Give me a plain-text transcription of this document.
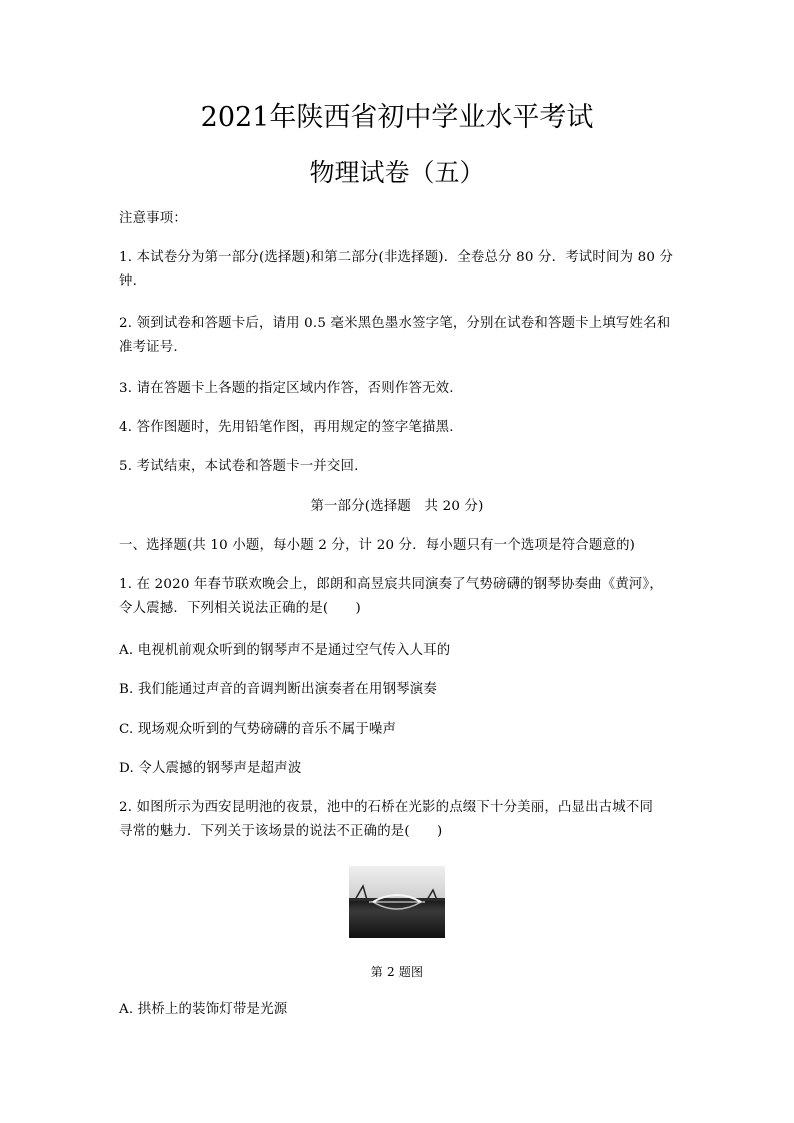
2021年陕西省初中学业水平考试
物理试卷（五）
注意事项：
1. 本试卷分为第一部分(选择题)和第二部分(非选择题)．全卷总分 80 分．考试时间为 80 分
钟.
2. 领到试卷和答题卡后，请用 0.5 毫米黑色墨水签字笔，分别在试卷和答题卡上填写姓名和
准考证号.
3. 请在答题卡上各题的指定区域内作答，否则作答无效.
4. 答作图题时，先用铅笔作图，再用规定的签字笔描黑.
5. 考试结束，本试卷和答题卡一并交回.
第一部分(选择题　共 20 分)
一、选择题(共 10 小题，每小题 2 分，计 20 分．每小题只有一个选项是符合题意的)
1. 在 2020 年春节联欢晚会上，郎朗和高昱宸共同演奏了气势磅礴的钢琴协奏曲《黄河》，
令人震撼．下列相关说法正确的是(　　)
A. 电视机前观众听到的钢琴声不是通过空气传入人耳的
B. 我们能通过声音的音调判断出演奏者在用钢琴演奏
C. 现场观众听到的气势磅礴的音乐不属于噪声
D. 令人震撼的钢琴声是超声波
2. 如图所示为西安昆明池的夜景，池中的石桥在光影的点缀下十分美丽，凸显出古城不同
寻常的魅力．下列关于该场景的说法不正确的是(　　)
第 2 题图
A. 拱桥上的装饰灯带是光源
